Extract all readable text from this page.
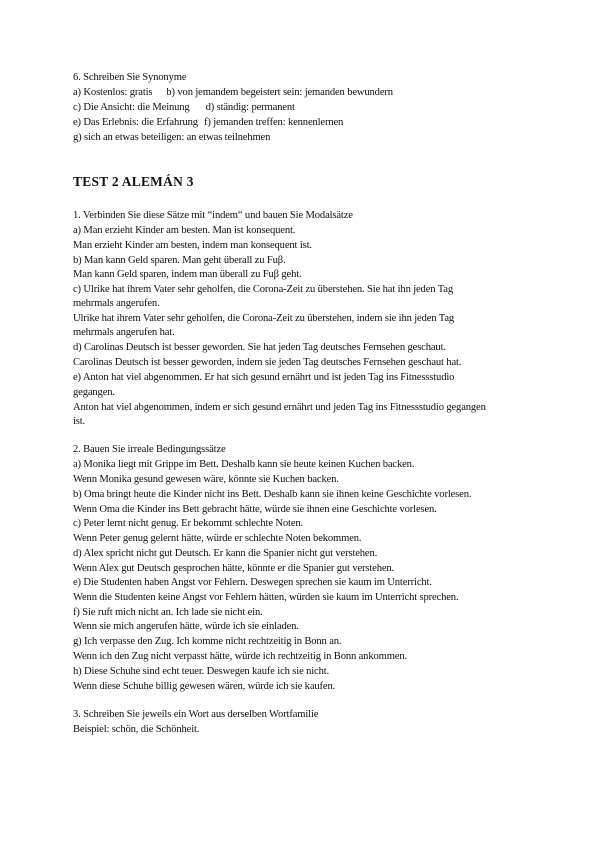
6. Schreiben Sie Synonyme
a) Kostenlos: gratis b) von jemandem begeistert sein: jemanden bewundern
c) Die Ansicht: die Meinung d) ständig: permanent
e) Das Erlebnis: die Erfahrung f) jemanden treffen: kennenlernen
g) sich an etwas beteiligen: an etwas teilnehmen
TEST 2 ALEMÁN 3
1. Verbinden Sie diese Sätze mit “indem“ und bauen Sie Modalsätze
a) Man erzieht Kinder am besten. Man ist konsequent.
Man erzieht Kinder am besten, indem man konsequent ist.
b) Man kann Geld sparen. Man geht überall zu Fuβ.
Man kann Geld sparen, indem man überall zu Fuβ geht.
c) Ulrike hat ihrem Vater sehr geholfen, die Corona-Zeit zu überstehen. Sie hat ihn jeden Tag
mehrmals angerufen.
Ulrike hat ihrem Vater sehr geholfen, die Corona-Zeit zu überstehen, indem sie ihn jeden Tag
mehrmals angerufen hat.
d) Carolinas Deutsch ist besser geworden. Sie hat jeden Tag deutsches Fernsehen geschaut.
Carolinas Deutsch ist besser geworden, indem sie jeden Tag deutsches Fernsehen geschaut hat.
e) Anton hat viel abgenommen. Er hat sich gesund ernährt und ist jeden Tag ins Fitnessstudio
gegangen.
Anton hat viel abgenommen, indem er sich gesund ernährt und jeden Tag ins Fitnessstudio gegangen
ist.
2. Bauen Sie irreale Bedingungssätze
a) Monika liegt mit Grippe im Bett. Deshalb kann sie heute keinen Kuchen backen.
Wenn Monika gesund gewesen wäre, könnte sie Kuchen backen.
b) Oma bringt heute die Kinder nicht ins Bett. Deshalb kann sie ihnen keine Geschichte vorlesen.
Wenn Oma die Kinder ins Bett gebracht hätte, würde sie ihnen eine Geschichte vorlesen.
c) Peter lernt nicht genug. Er bekommt schlechte Noten.
Wenn Peter genug gelernt hätte, würde er schlechte Noten bekommen.
d) Alex spricht nicht gut Deutsch. Er kann die Spanier nicht gut verstehen.
Wenn Alex gut Deutsch gesprochen hätte, könnte er die Spanier gut verstehen.
e) Die Studenten haben Angst vor Fehlern. Deswegen sprechen sie kaum im Unterricht.
Wenn die Studenten keine Angst vor Fehlern hätten, würden sie kaum im Unterricht sprechen.
f) Sie ruft mich nicht an. Ich lade sie nicht ein.
Wenn sie mich angerufen hätte, würde ich sie einladen.
g) Ich verpasse den Zug. Ich komme nicht rechtzeitig in Bonn an.
Wenn ich den Zug nicht verpasst hätte, würde ich rechtzeitig in Bonn ankommen.
h) Diese Schuhe sind echt teuer. Deswegen kaufe ich sie nicht.
Wenn diese Schuhe billig gewesen wären, würde ich sie kaufen.
3. Schreiben Sie jeweils ein Wort aus derselben Wortfamilie
Beispiel: schön, die Schönheit.
